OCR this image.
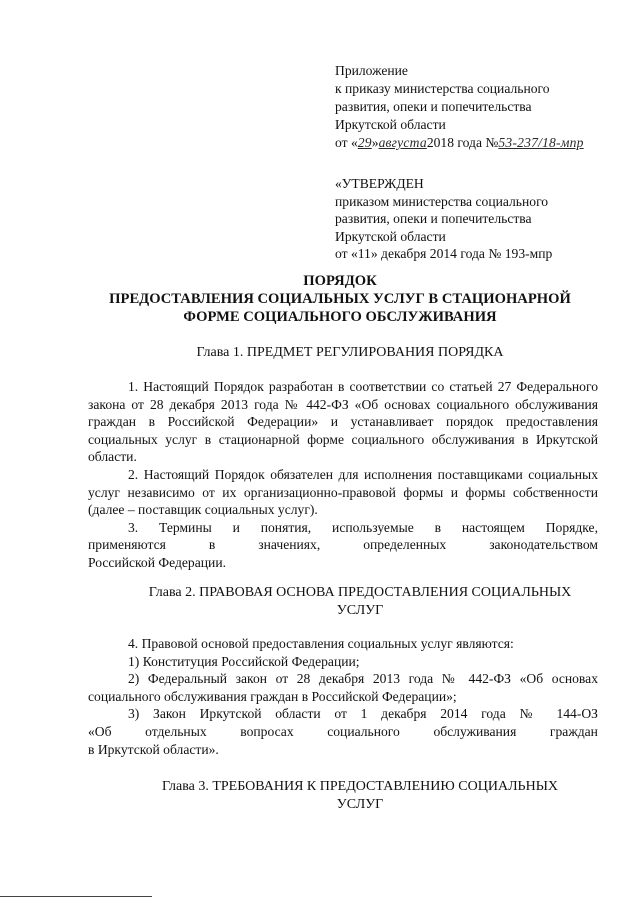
Приложение
к приказу министерства социального
развития, опеки и попечительства
Иркутской области
от «29»августа2018 года №53-237/18-мпр
«УТВЕРЖДЕН
приказом министерства социального
развития, опеки и попечительства
Иркутской области
от «11» декабря 2014 года № 193-мпр
ПОРЯДОК
ПРЕДОСТАВЛЕНИЯ СОЦИАЛЬНЫХ УСЛУГ В СТАЦИОНАРНОЙ
ФОРМЕ СОЦИАЛЬНОГО ОБСЛУЖИВАНИЯ
Глава 1. ПРЕДМЕТ РЕГУЛИРОВАНИЯ ПОРЯДКА
1. Настоящий Порядок разработан в соответствии со статьей 27 Федерального закона от 28 декабря 2013 года № 442-ФЗ «Об основах социального обслуживания граждан в Российской Федерации» и устанавливает порядок предоставления социальных услуг в стационарной форме социального обслуживания в Иркутской области.
2. Настоящий Порядок обязателен для исполнения поставщиками социальных услуг независимо от их организационно-правовой формы и формы собственности (далее – поставщик социальных услуг).
3. Термины и понятия, используемые в настоящем Порядке,
применяются	в	значениях,	определенных	законодательством
Российской Федерации.
Глава 2. ПРАВОВАЯ ОСНОВА ПРЕДОСТАВЛЕНИЯ СОЦИАЛЬНЫХ
УСЛУГ
4. Правовой основой предоставления социальных услуг являются:
1) Конституция Российской Федерации;
2) Федеральный закон от 28 декабря 2013 года № 442-ФЗ «Об основах социального обслуживания граждан в Российской Федерации»;
3) Закон Иркутской области от 1 декабря 2014 года № 144-ОЗ
«Об отдельных вопросах социального обслуживания граждан
в Иркутской области».
Глава 3. ТРЕБОВАНИЯ К ПРЕДОСТАВЛЕНИЮ СОЦИАЛЬНЫХ
УСЛУГ
